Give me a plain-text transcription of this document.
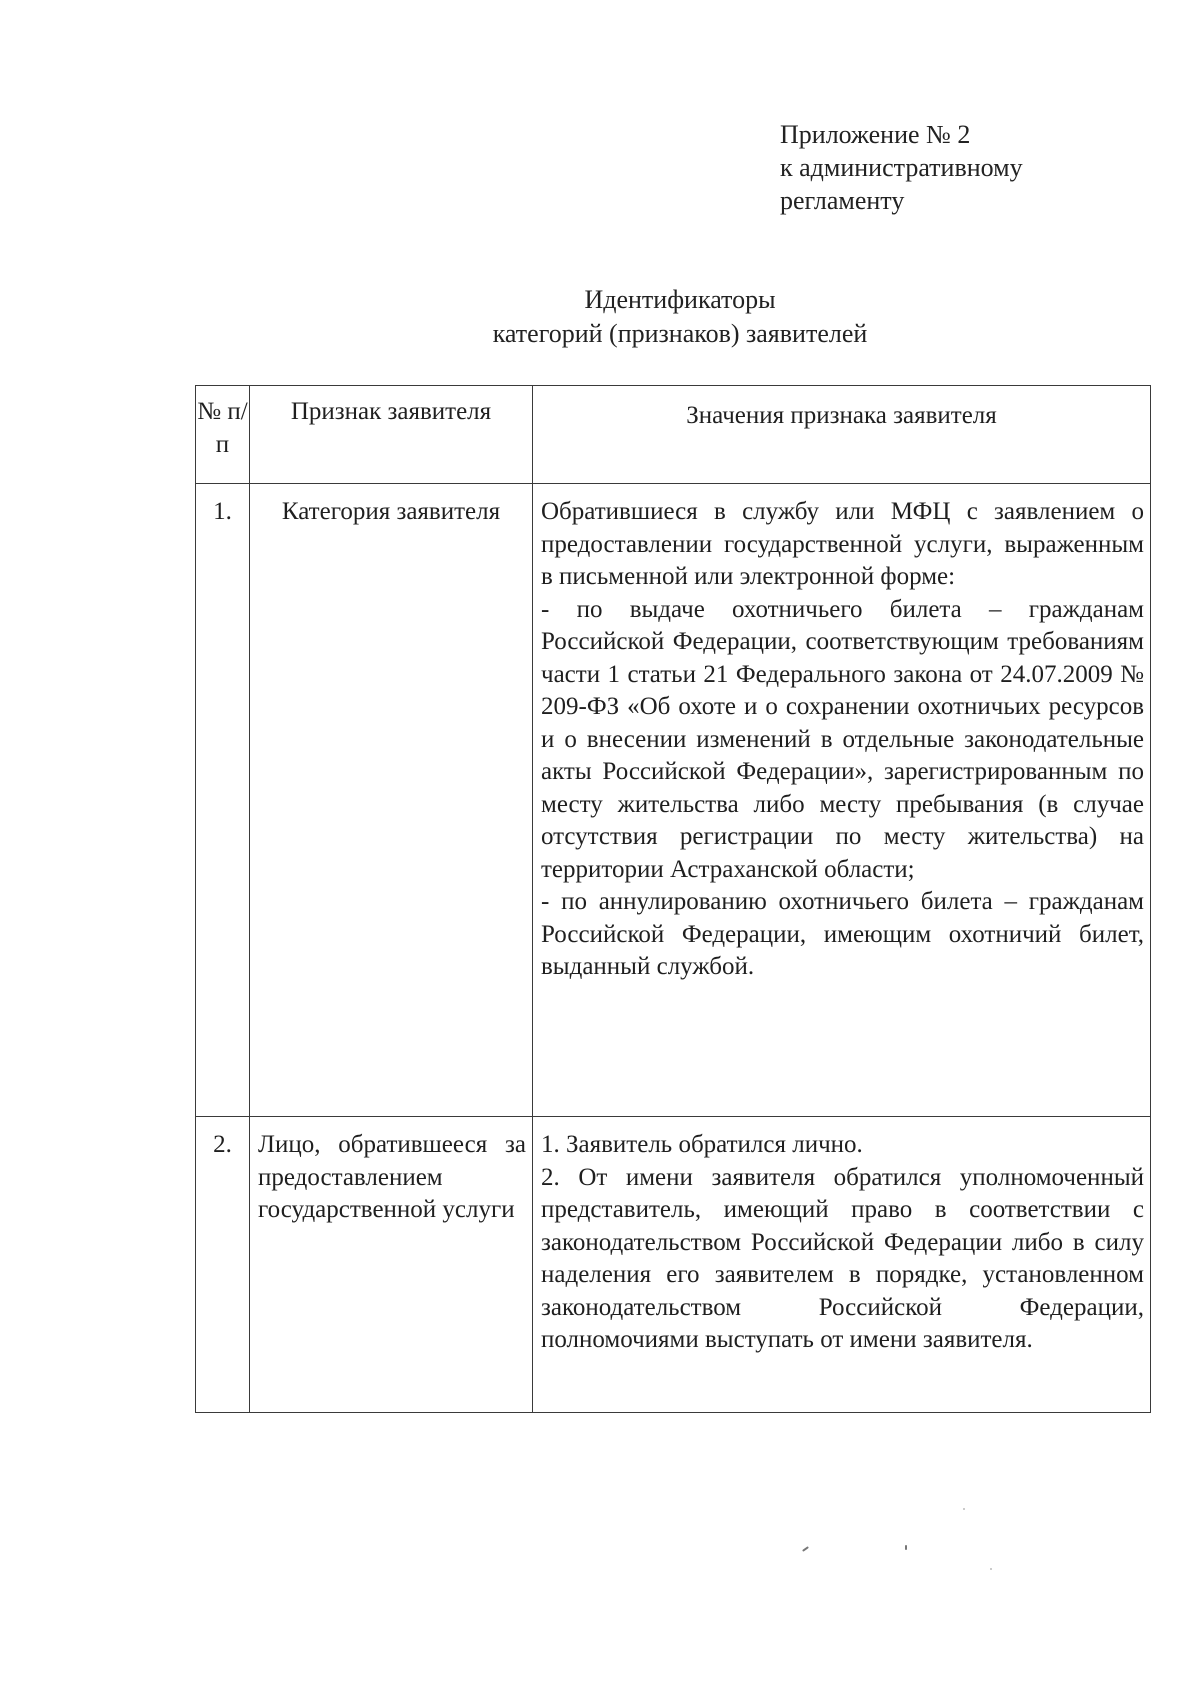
Приложение № 2
к административному
регламенту
Идентификаторы
категорий (признаков) заявителей
№ п/п	Признак заявителя	Значения признака заявителя
1.	Категория заявителя	Обратившиеся в службу или МФЦ с заявлением о предоставлении государственной услуги, выраженным в письменной или электронной форме:

- по выдаче охотничьего билета – гражданам Российской Федерации, соответствующим требованиям части 1 статьи 21 Федерального закона от 24.07.2009 № 209-ФЗ «Об охоте и о сохранении охотничьих ресурсов и о внесении изменений в отдельные законодательные акты Российской Федерации», зарегистрированным по месту жительства либо месту пребывания (в случае отсутствия регистрации по месту жительства) на территории Астраханской области;

- по аннулированию охотничьего билета – гражданам Российской Федерации, имеющим охотничий билет, выданный службой.

2.	Лицо, обратившееся за предоставлением государственной услуги	1. Заявитель обратился лично.

2. От имени заявителя обратился уполномоченный представитель, имеющий право в соответствии с законодательством Российской Федерации либо в силу наделения его заявителем в порядке, установленном законодательством Российской Федерации, полномочиями выступать от имени заявителя.
